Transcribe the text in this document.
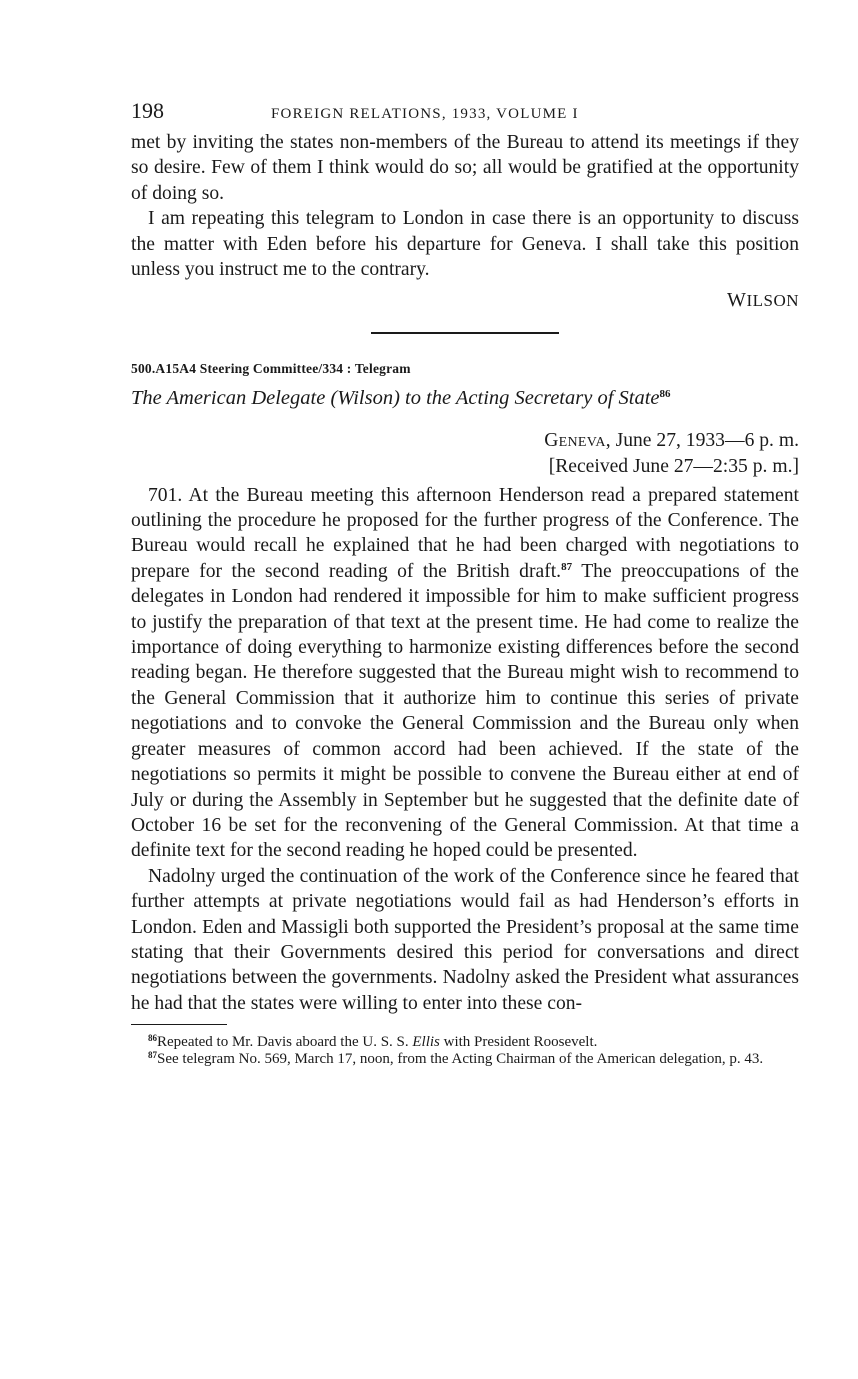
198	FOREIGN RELATIONS, 1933, VOLUME I

met by inviting the states non-members of the Bureau to attend its meetings if they so desire. Few of them I think would do so; all would be gratified at the opportunity of doing so.

I am repeating this telegram to London in case there is an opportunity to discuss the matter with Eden before his departure for Geneva. I shall take this position unless you instruct me to the contrary.

WILSON
500.A15A4 Steering Committee/334 : Telegram
The American Delegate (Wilson) to the Acting Secretary of State$^{86}$
Geneva, June 27, 1933—6 p. m.
[Received June 27—2:35 p. m.]

701. At the Bureau meeting this afternoon Henderson read a prepared statement outlining the procedure he proposed for the further progress of the Conference. The Bureau would recall he explained that he had been charged with negotiations to prepare for the second reading of the British draft.$^{87}$ The preoccupations of the delegates in London had rendered it impossible for him to make sufficient progress to justify the preparation of that text at the present time. He had come to realize the importance of doing everything to harmonize existing differences before the second reading began. He therefore suggested that the Bureau might wish to recommend to the General Commission that it authorize him to continue this series of private negotiations and to convoke the General Commission and the Bureau only when greater measures of common accord had been achieved. If the state of the negotiations so permits it might be possible to convene the Bureau either at end of July or during the Assembly in September but he suggested that the definite date of October 16 be set for the reconvening of the General Commission. At that time a definite text for the second reading he hoped could be presented.

Nadolny urged the continuation of the work of the Conference since he feared that further attempts at private negotiations would fail as had Henderson’s efforts in London. Eden and Massigli both supported the President’s proposal at the same time stating that their Governments desired this period for conversations and direct negotiations between the governments. Nadolny asked the President what assurances he had that the states were willing to enter into these con-

$^{86}$Repeated to Mr. Davis aboard the U. S. S. Ellis with President Roosevelt.
$^{87}$See telegram No. 569, March 17, noon, from the Acting Chairman of the American delegation, p. 43.
